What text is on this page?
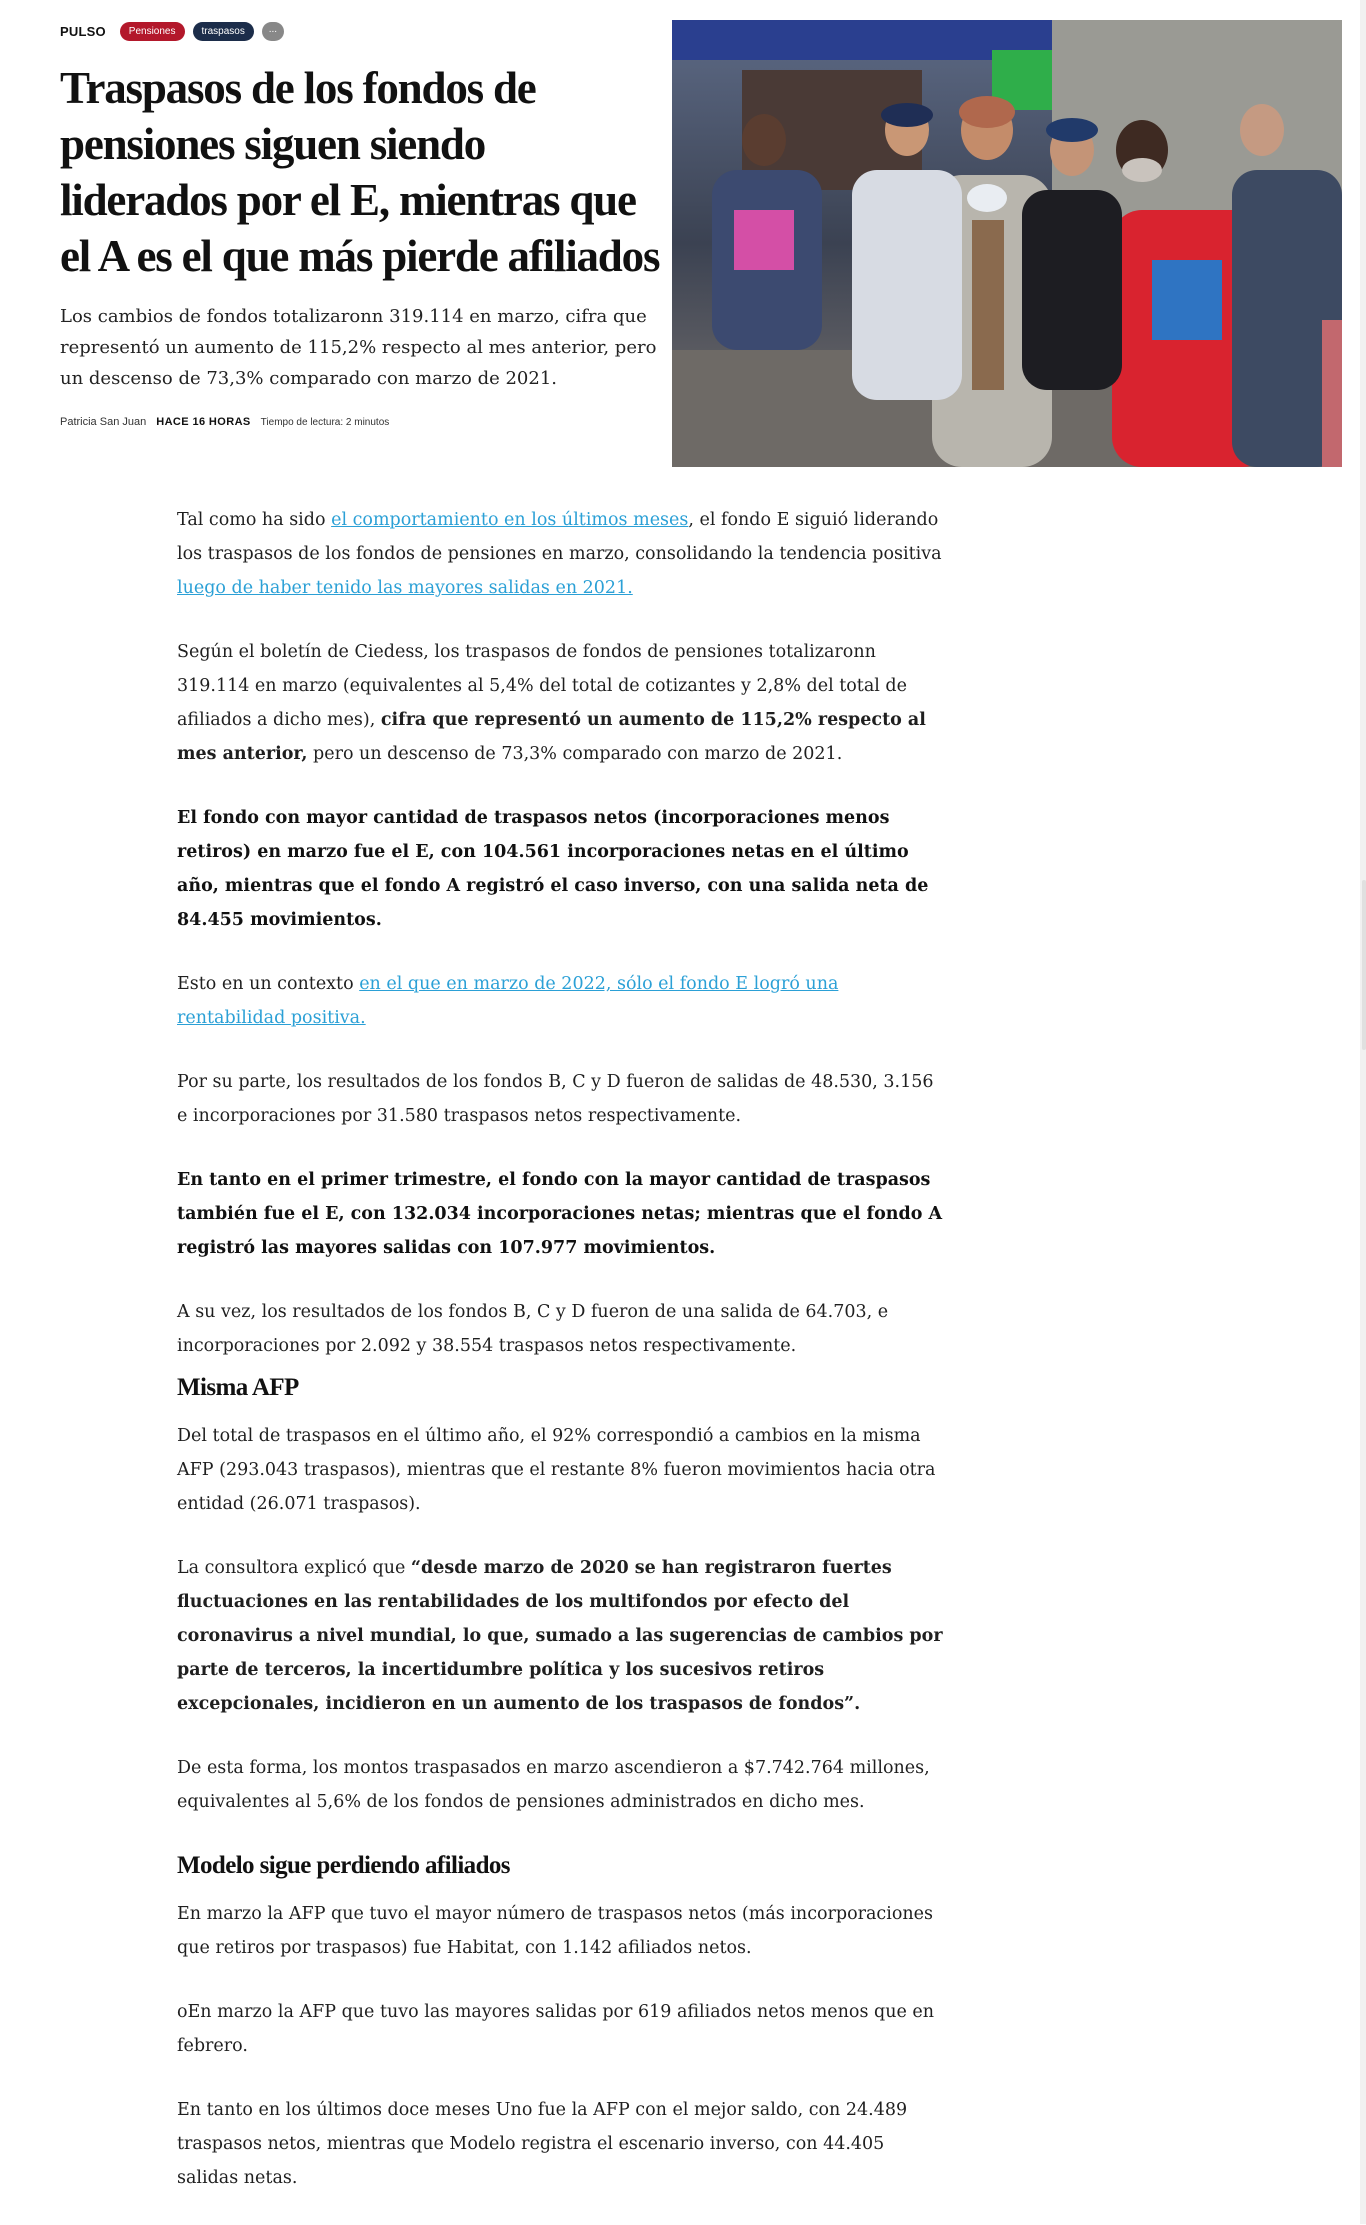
PULSO	Pensiones	traspasos	...
Traspasos de los fondos de pensiones siguen siendo liderados por el E, mientras que el A es el que más pierde afiliados

Los cambios de fondos totalizaronn 319.114 en marzo, cifra que representó un aumento de 115,2% respecto al mes anterior, pero un descenso de 73,3% comparado con marzo de 2021.

Patricia San Juan HACE 16 HORAS Tiempo de lectura: 2 minutos

Tal como ha sido el comportamiento en los últimos meses, el fondo E siguió liderando los traspasos de los fondos de pensiones en marzo, consolidando la tendencia positiva luego de haber tenido las mayores salidas en 2021.

Según el boletín de Ciedess, los traspasos de fondos de pensiones totalizaronn 319.114 en marzo (equivalentes al 5,4% del total de cotizantes y 2,8% del total de afiliados a dicho mes), cifra que representó un aumento de 115,2% respecto al mes anterior, pero un descenso de 73,3% comparado con marzo de 2021.

El fondo con mayor cantidad de traspasos netos (incorporaciones menos retiros) en marzo fue el E, con 104.561 incorporaciones netas en el último año, mientras que el fondo A registró el caso inverso, con una salida neta de 84.455 movimientos.

Esto en un contexto en el que en marzo de 2022, sólo el fondo E logró una rentabilidad positiva.

Por su parte, los resultados de los fondos B, C y D fueron de salidas de 48.530, 3.156 e incorporaciones por 31.580 traspasos netos respectivamente.

En tanto en el primer trimestre, el fondo con la mayor cantidad de traspasos también fue el E, con 132.034 incorporaciones netas; mientras que el fondo A registró las mayores salidas con 107.977 movimientos.

A su vez, los resultados de los fondos B, C y D fueron de una salida de 64.703, e incorporaciones por 2.092 y 38.554 traspasos netos respectivamente.

Misma AFP

Del total de traspasos en el último año, el 92% correspondió a cambios en la misma AFP (293.043 traspasos), mientras que el restante 8% fueron movimientos hacia otra entidad (26.071 traspasos).

La consultora explicó que “desde marzo de 2020 se han registraron fuertes fluctuaciones en las rentabilidades de los multifondos por efecto del coronavirus a nivel mundial, lo que, sumado a las sugerencias de cambios por parte de terceros, la incertidumbre política y los sucesivos retiros excepcionales, incidieron en un aumento de los traspasos de fondos”.

De esta forma, los montos traspasados en marzo ascendieron a $7.742.764 millones, equivalentes al 5,6% de los fondos de pensiones administrados en dicho mes.

Modelo sigue perdiendo afiliados

En marzo la AFP que tuvo el mayor número de traspasos netos (más incorporaciones que retiros por traspasos) fue Habitat, con 1.142 afiliados netos.

oEn marzo la AFP que tuvo las mayores salidas por 619 afiliados netos menos que en febrero.

En tanto en los últimos doce meses Uno fue la AFP con el mejor saldo, con 24.489 traspasos netos, mientras que Modelo registra el escenario inverso, con 44.405 salidas netas.
